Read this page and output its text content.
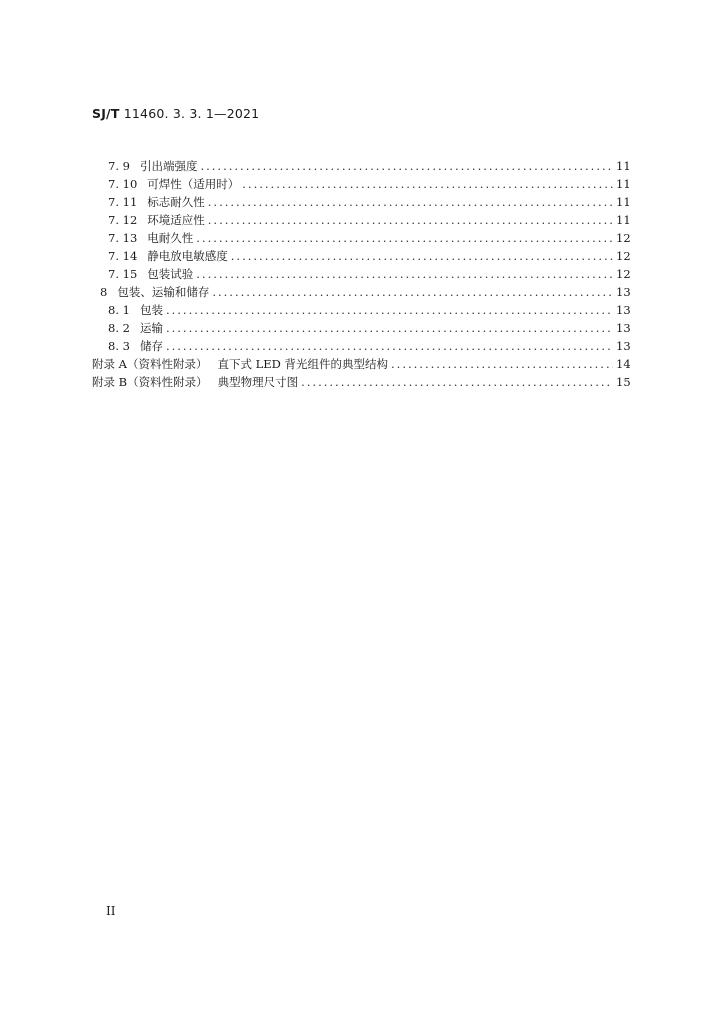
SJ/T 11460. 3. 3. 1—2021
7. 9 引出端强度 .....	11
7. 10 可焊性（适用时） .....	11
7. 11 标志耐久性 .....	11
7. 12 环境适应性 .....	11
7. 13 电耐久性 .....	12
7. 14 静电放电敏感度 .....	12
7. 15 包装试验 .....	12
8 包装、运输和储存 .....	13
8. 1 包装 .....	13
8. 2 运输 .....	13
8. 3 储存 .....	13
附录 A（资料性附录） 直下式 LED 背光组件的典型结构 .....	14
附录 B（资料性附录） 典型物理尺寸图 .....	15
II
